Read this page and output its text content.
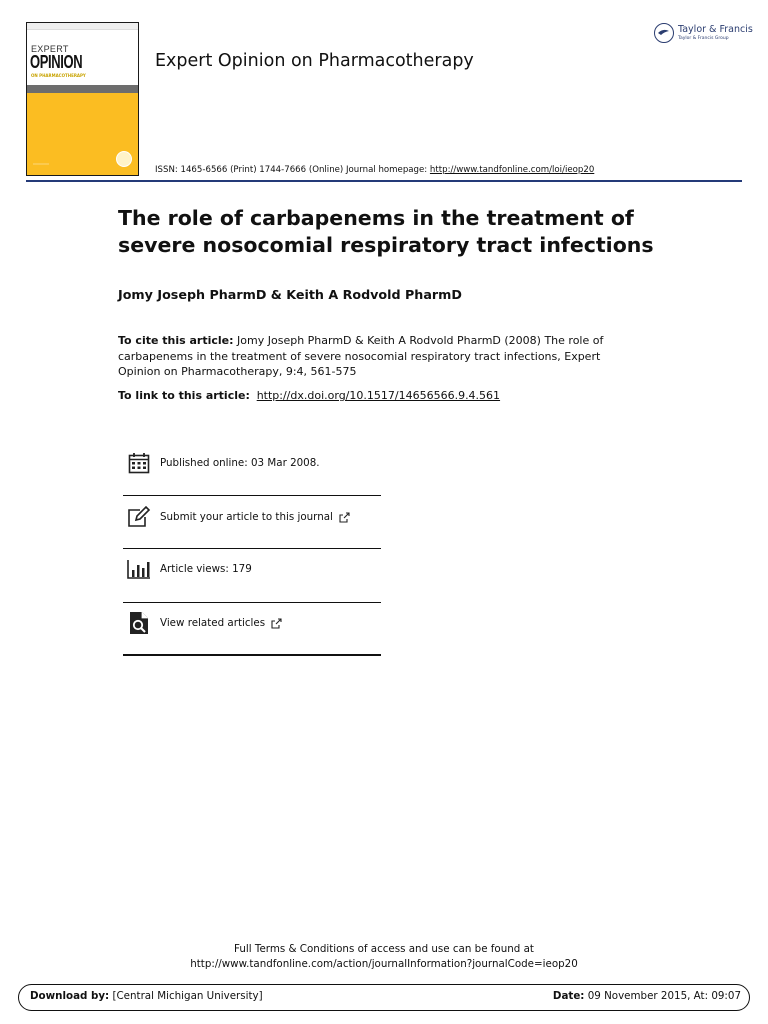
EXPERT
OPINION
ON PHARMACOTHERAPY
Expert Opinion on Pharmacotherapy
Taylor & Francis
Taylor & Francis Group
ISSN: 1465-6566 (Print) 1744-7666 (Online) Journal homepage: http://www.tandfonline.com/loi/ieop20
The role of carbapenems in the treatment of severe nosocomial respiratory tract infections
Jomy Joseph PharmD & Keith A Rodvold PharmD
To cite this article: Jomy Joseph PharmD & Keith A Rodvold PharmD (2008) The role of carbapenems in the treatment of severe nosocomial respiratory tract infections, Expert Opinion on Pharmacotherapy, 9:4, 561-575
To link to this article: http://dx.doi.org/10.1517/14656566.9.4.561
Published online: 03 Mar 2008.
Submit your article to this journal
Article views: 179
View related articles
Full Terms & Conditions of access and use can be found at
http://www.tandfonline.com/action/journalInformation?journalCode=ieop20
Download by: [Central Michigan University]	Date: 09 November 2015, At: 09:07
